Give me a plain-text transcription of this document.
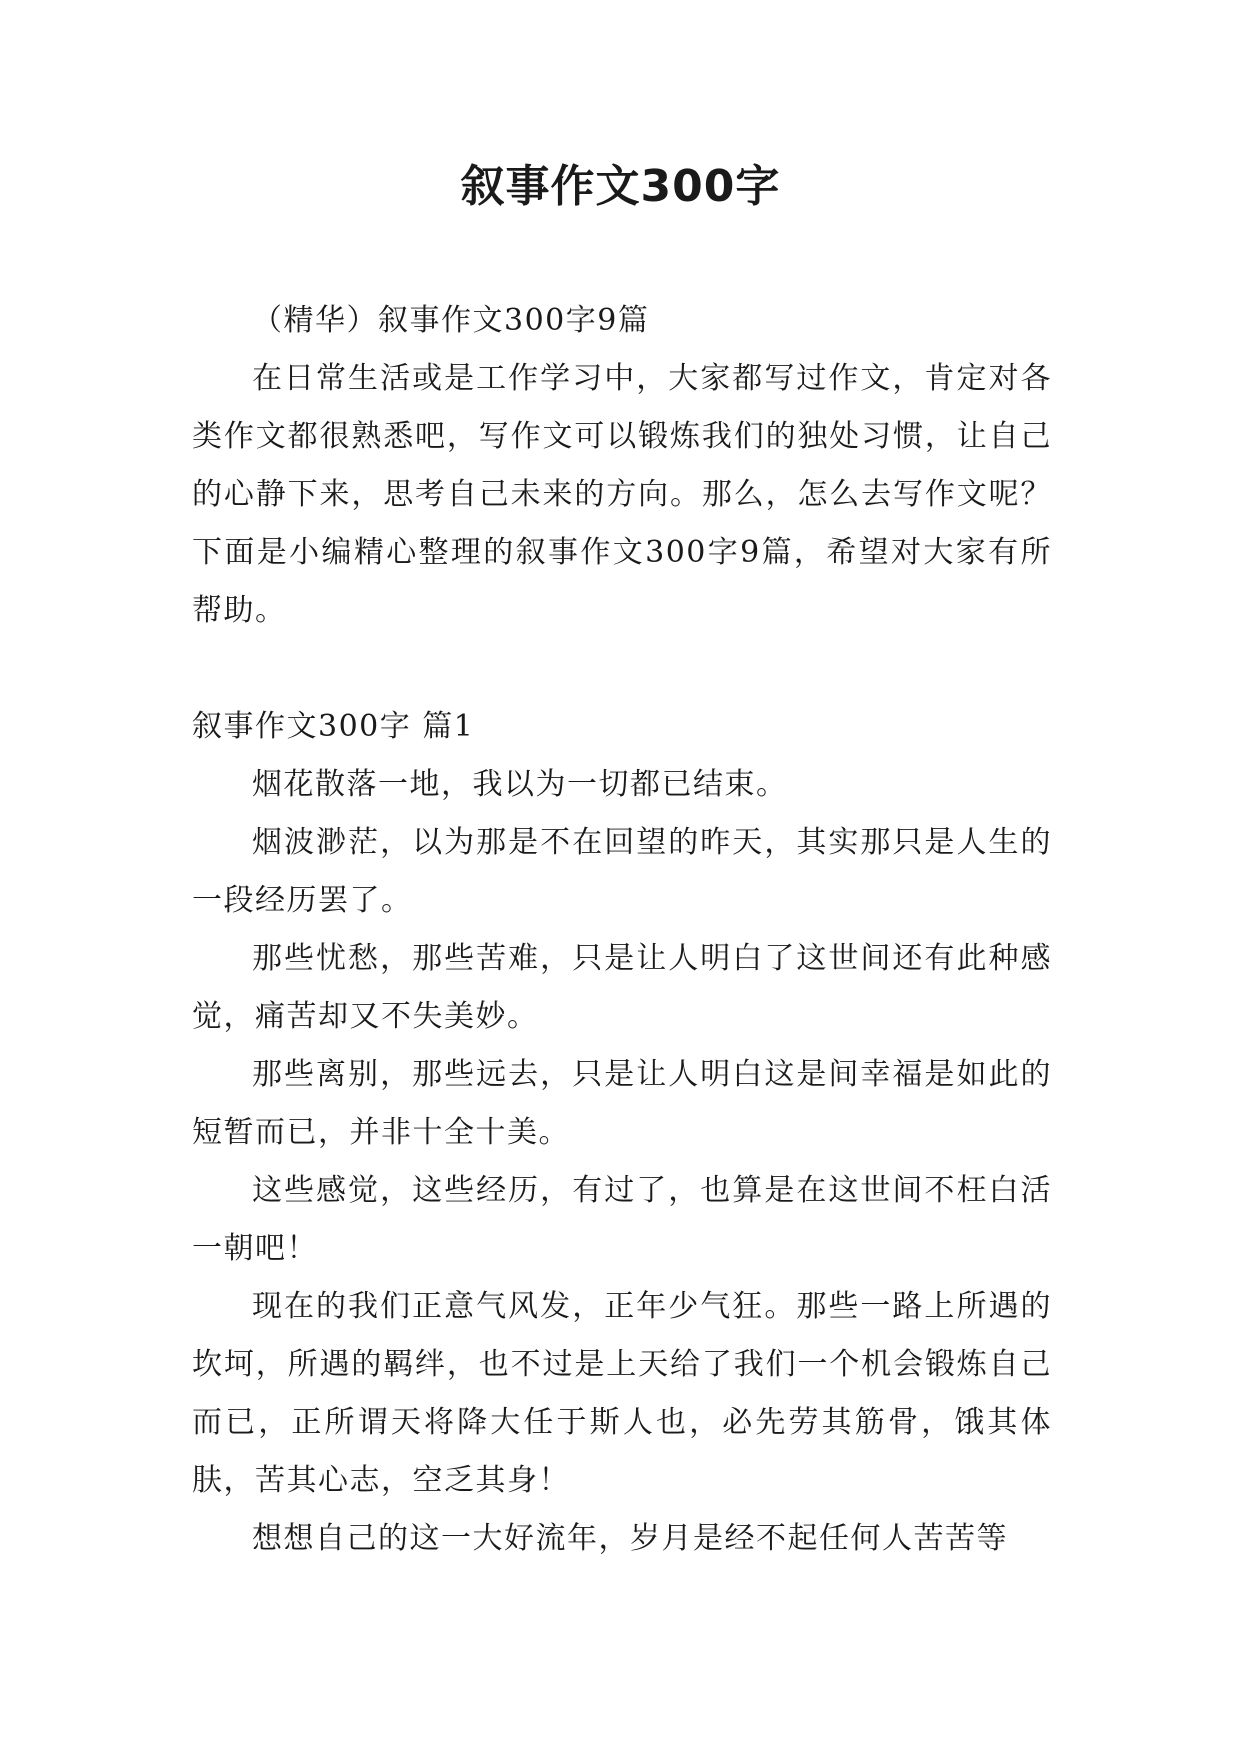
叙事作文300字

（精华）叙事作文300字9篇

在日常生活或是工作学习中，大家都写过作文，肯定对各类作文都很熟悉吧，写作文可以锻炼我们的独处习惯，让自己的心静下来，思考自己未来的方向。那么，怎么去写作文呢？下面是小编精心整理的叙事作文300字9篇，希望对大家有所帮助。

叙事作文300字 篇1

烟花散落一地，我以为一切都已结束。

烟波渺茫，以为那是不在回望的昨天，其实那只是人生的一段经历罢了。

那些忧愁，那些苦难，只是让人明白了这世间还有此种感觉，痛苦却又不失美妙。

那些离别，那些远去，只是让人明白这是间幸福是如此的短暂而已，并非十全十美。

这些感觉，这些经历，有过了，也算是在这世间不枉白活一朝吧！

现在的我们正意气风发，正年少气狂。那些一路上所遇的坎坷，所遇的羁绊，也不过是上天给了我们一个机会锻炼自己而已，正所谓天将降大任于斯人也，必先劳其筋骨，饿其体肤，苦其心志，空乏其身！

想想自己的这一大好流年，岁月是经不起任何人苦苦等
